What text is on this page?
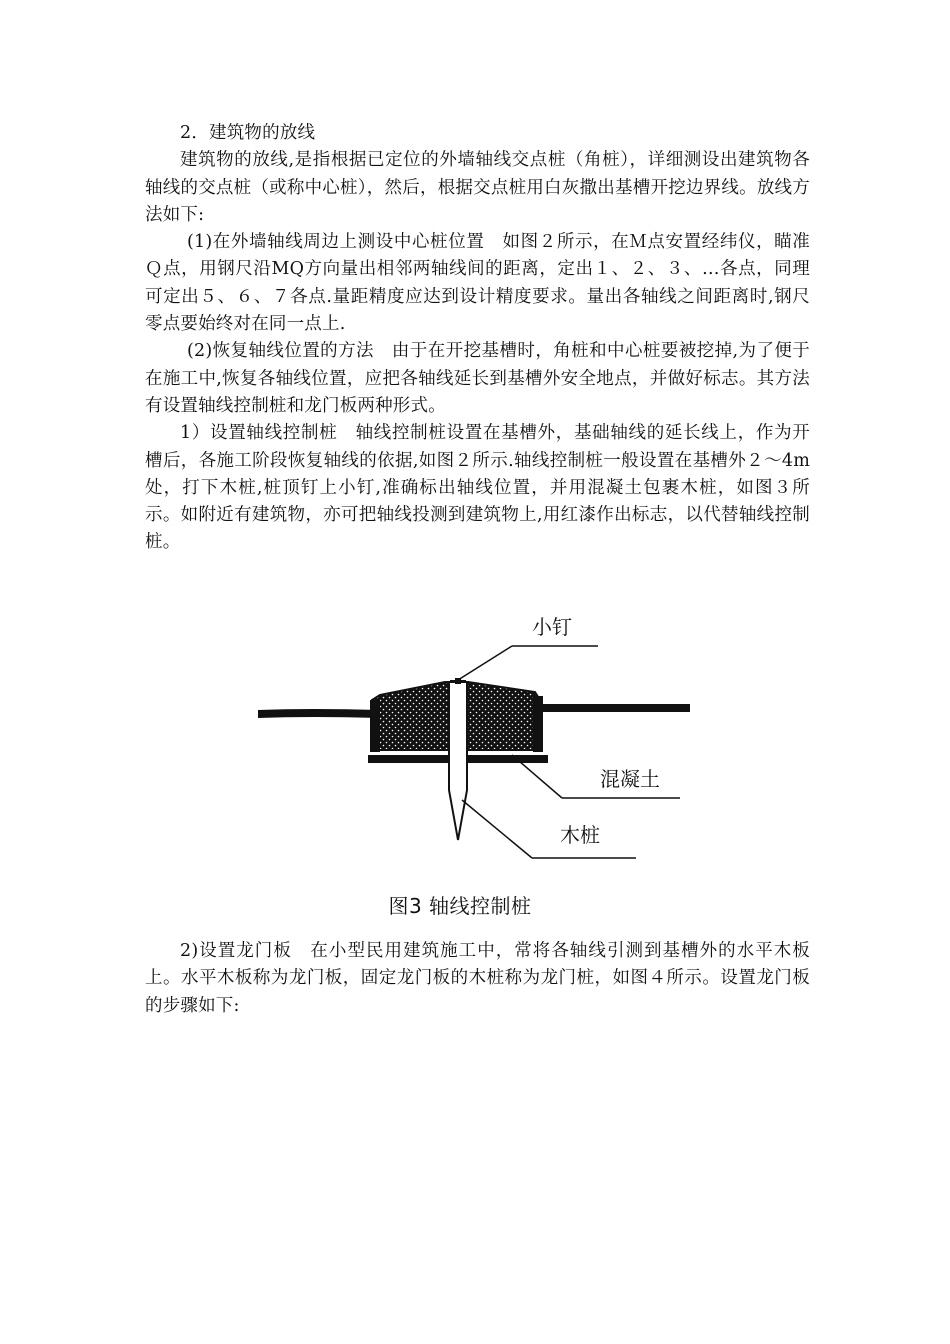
2．建筑物的放线

建筑物的放线,是指根据已定位的外墙轴线交点桩（角桩），详细测设出建筑物各轴线的交点桩（或称中心桩），然后，根据交点桩用白灰撒出基槽开挖边界线。放线方法如下:

(1)在外墙轴线周边上测设中心桩位置　如图２所示，在Ｍ点安置经纬仪，瞄准Ｑ点，用钢尺沿MQ方向量出相邻两轴线间的距离，定出１、２、３、…各点，同理可定出５、６、７各点.量距精度应达到设计精度要求。量出各轴线之间距离时,钢尺零点要始终对在同一点上.

(2)恢复轴线位置的方法　由于在开挖基槽时，角桩和中心桩要被挖掉,为了便于在施工中,恢复各轴线位置，应把各轴线延长到基槽外安全地点，并做好标志。其方法有设置轴线控制桩和龙门板两种形式。

1）设置轴线控制桩　轴线控制桩设置在基槽外，基础轴线的延长线上，作为开槽后，各施工阶段恢复轴线的依据,如图２所示.轴线控制桩一般设置在基槽外２～4m处，打下木桩,桩顶钉上小钉,准确标出轴线位置，并用混凝土包裹木桩，如图３所示。如附近有建筑物，亦可把轴线投测到建筑物上,用红漆作出标志，以代替轴线控制桩。

小钉
混凝土
木桩
图3 轴线控制桩

2)设置龙门板　在小型民用建筑施工中，常将各轴线引测到基槽外的水平木板上。水平木板称为龙门板，固定龙门板的木桩称为龙门桩，如图４所示。设置龙门板的步骤如下:
